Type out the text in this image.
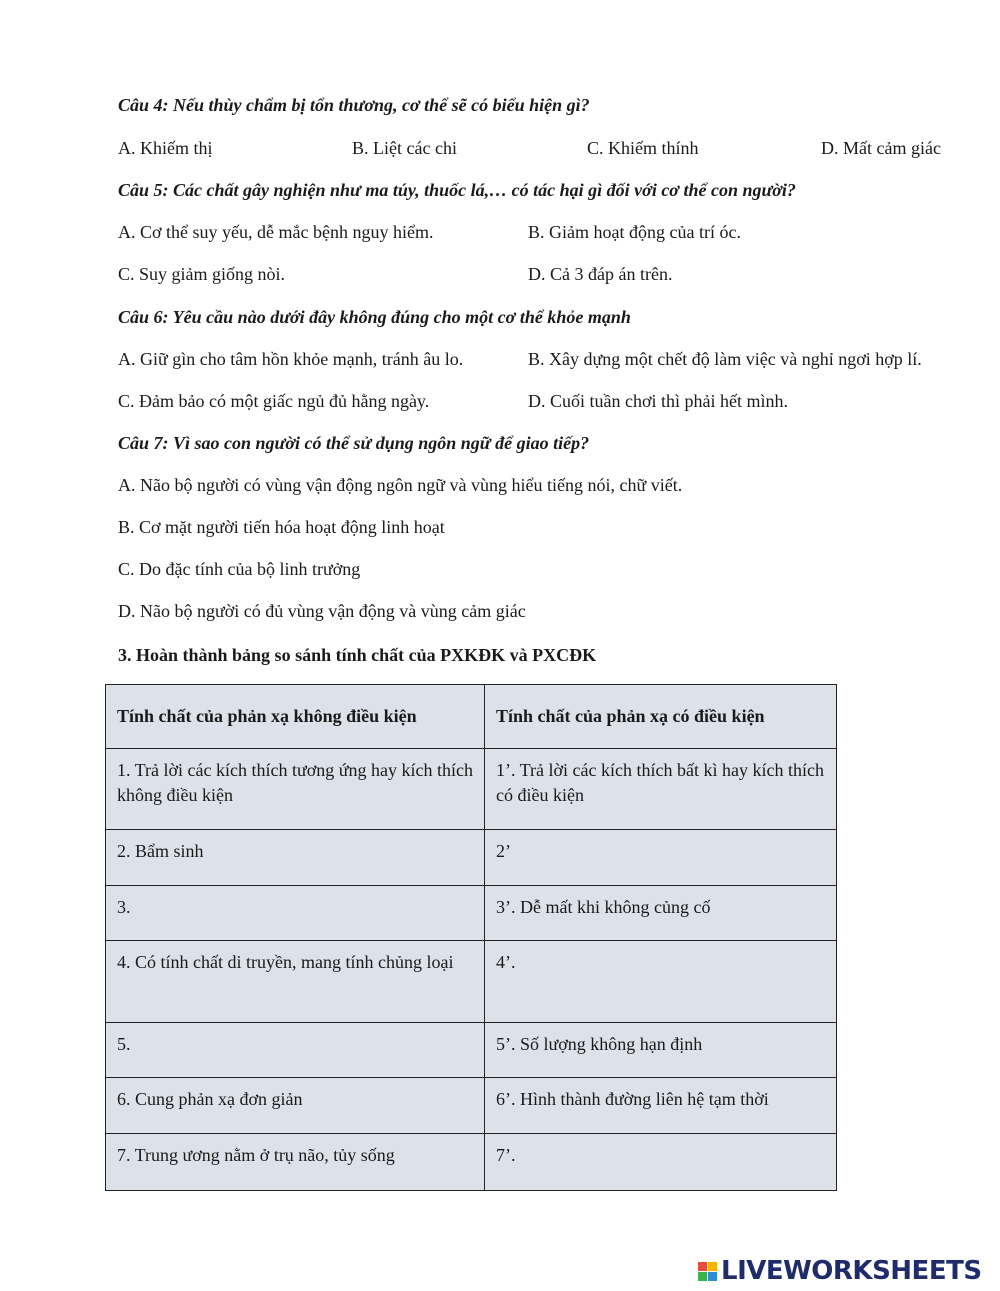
Câu 4: Nếu thùy chẩm bị tổn thương, cơ thể sẽ có biểu hiện gì?
A. Khiếm thị	B. Liệt các chi	C. Khiếm thính	D. Mất cảm giác
Câu 5: Các chất gây nghiện như ma túy, thuốc lá,… có tác hại gì đối với cơ thể con người?
A. Cơ thể suy yếu, dễ mắc bệnh nguy hiểm.	B. Giảm hoạt động của trí óc.
C. Suy giảm giống nòi.	D. Cả 3 đáp án trên.
Câu 6: Yêu cầu nào dưới đây không đúng cho một cơ thể khỏe mạnh
A. Giữ gìn cho tâm hồn khỏe mạnh, tránh âu lo.	B. Xây dựng một chết độ làm việc và nghỉ ngơi hợp lí.
C. Đảm bảo có một giấc ngủ đủ hằng ngày.	D. Cuối tuần chơi thì phải hết mình.
Câu 7: Vì sao con người có thể sử dụng ngôn ngữ để giao tiếp?
A. Não bộ người có vùng vận động ngôn ngữ và vùng hiểu tiếng nói, chữ viết.
B. Cơ mặt người tiến hóa hoạt động linh hoạt
C. Do đặc tính của bộ linh trưởng
D. Não bộ người có đủ vùng vận động và vùng cảm giác
3. Hoàn thành bảng so sánh tính chất của PXKĐK và PXCĐK
Tính chất của phản xạ không điều kiện	Tính chất của phản xạ có điều kiện
1. Trả lời các kích thích tương ứng hay kích thích không điều kiện	1’. Trả lời các kích thích bất kì hay kích thích có điều kiện
2. Bẩm sinh	2’
3.	3’. Dễ mất khi không củng cố
4. Có tính chất di truyền, mang tính chủng loại	4’.
5.	5’. Số lượng không hạn định
6. Cung phản xạ đơn giản	6’. Hình thành đường liên hệ tạm thời
7. Trung ương nằm ở trụ não, tủy sống	7’.
LIVEWORKSHEETS
